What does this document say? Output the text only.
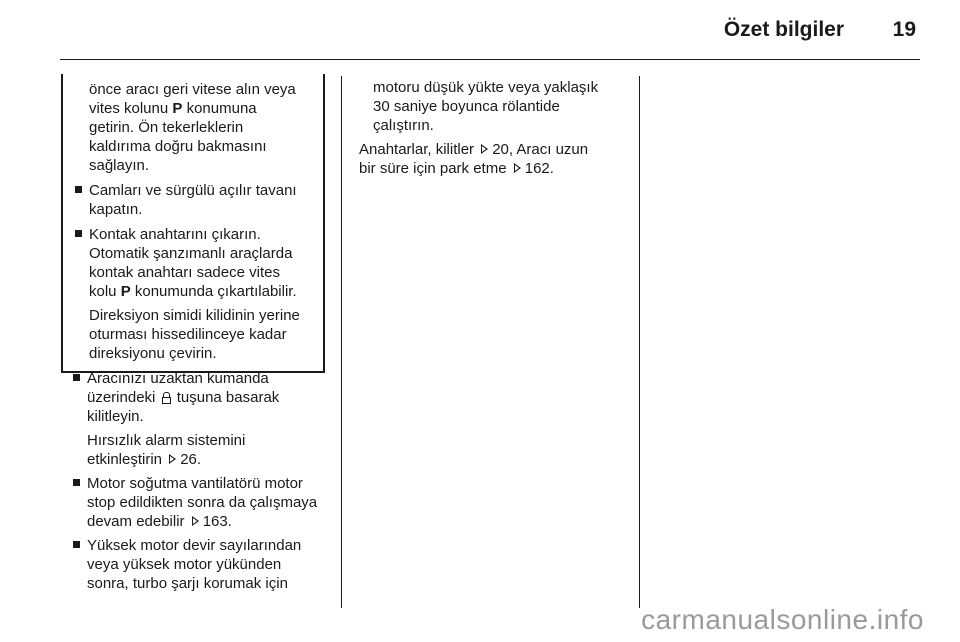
Özet bilgiler 19

önce aracı geri vitese alın veya
vites kolunu P konumuna
getirin. Ön tekerleklerin
kaldırıma doğru bakmasını
sağlayın.

Camları ve sürgülü açılır tavanı
kapatın.
Kontak anahtarını çıkarın.
Otomatik şanzımanlı araçlarda
kontak anahtarı sadece vites
kolu P konumunda çıkartılabilir.

Direksiyon simidi kilidinin yerine
oturması hissedilinceye kadar
direksiyonu çevirin.

Aracınızı uzaktan kumanda
üzerindeki
tuşuna basarak
kilitleyin.

Hırsızlık alarm sistemini
etkinleştirin 26.

Motor soğutma vantilatörü motor
stop edildikten sonra da çalışmaya
devam edebilir 163.
Yüksek motor devir sayılarından
veya yüksek motor yükünden
sonra, turbo şarjı korumak için

motoru düşük yükte veya yaklaşık
30 saniye boyunca rölantide
çalıştırın.

Anahtarlar, kilitler 20, Aracı uzun
bir süre için park etme 162.

carmanualsonline.info
